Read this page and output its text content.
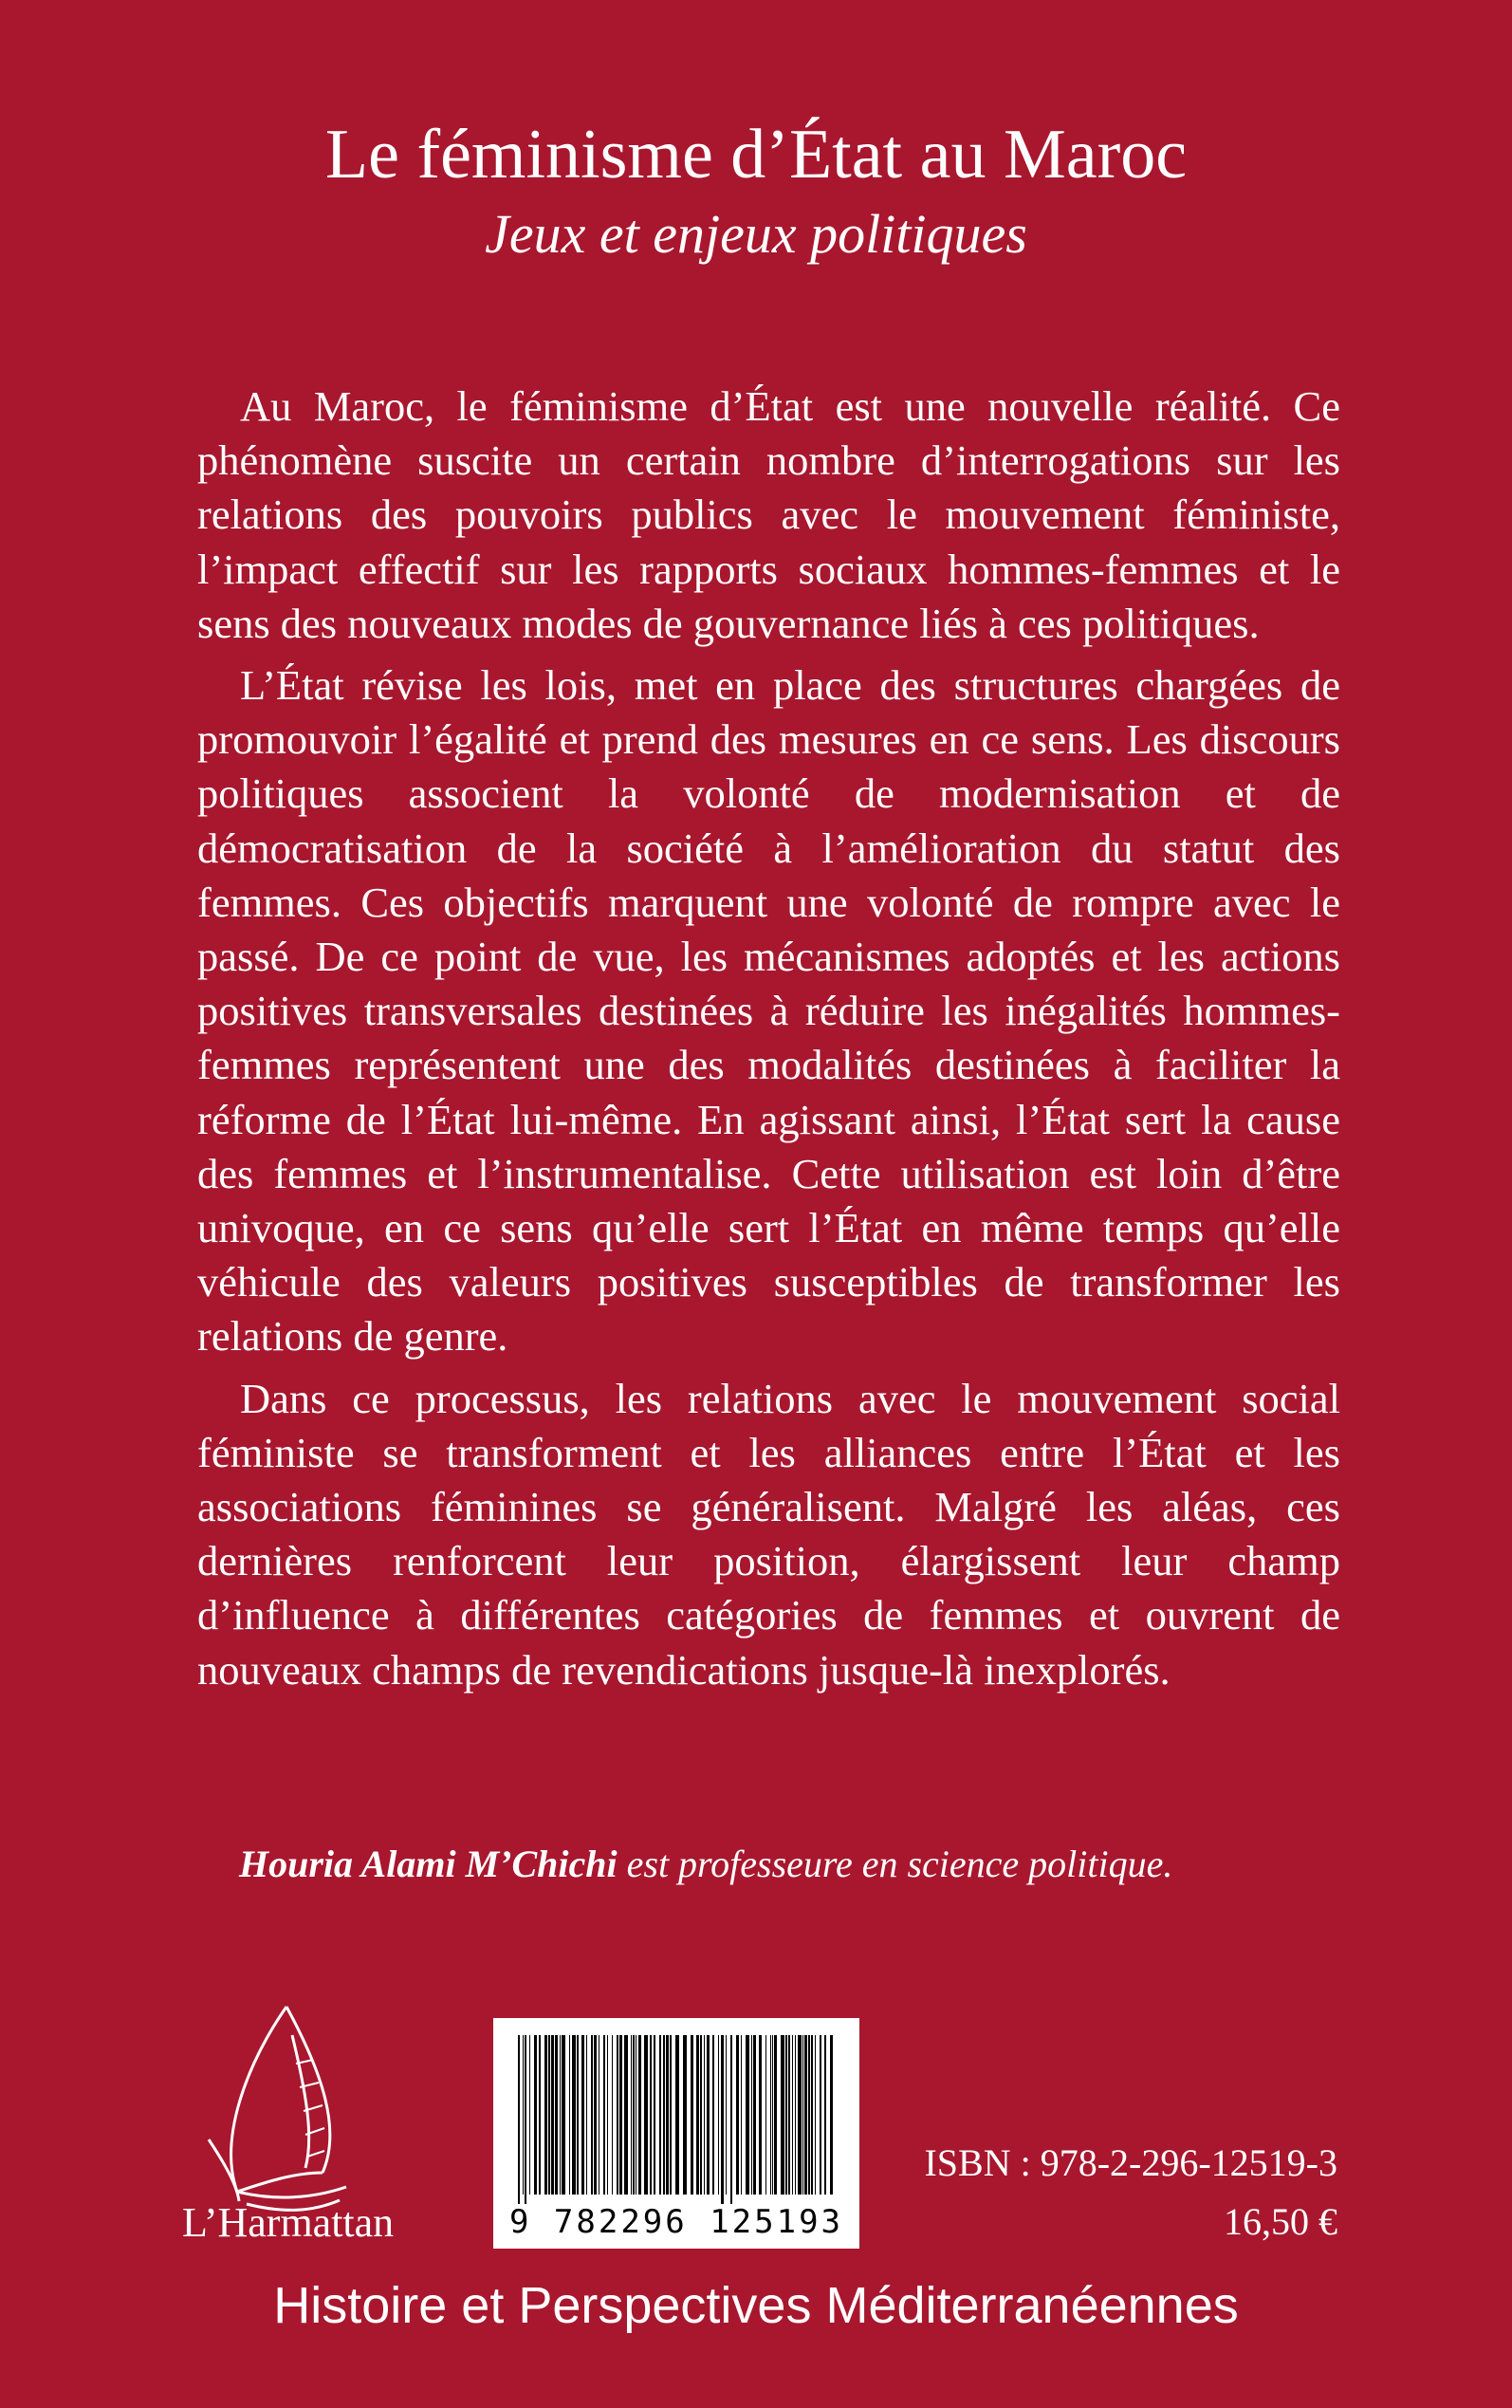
Le féminisme d’État au Maroc
Jeux et enjeux politiques

Au Maroc, le féminisme d’État est une nouvelle réalité. Ce phénomène suscite un certain nombre d’interrogations sur les relations des pouvoirs publics avec le mouvement féministe, l’impact effectif sur les rapports sociaux hommes-femmes et le sens des nouveaux modes de gouvernance liés à ces politiques.

L’État révise les lois, met en place des structures chargées de promouvoir l’égalité et prend des mesures en ce sens. Les discours politiques associent la volonté de modernisation et de démocratisation de la société à l’amélioration du statut des femmes. Ces objectifs marquent une volonté de rompre avec le passé. De ce point de vue, les mécanismes adoptés et les actions positives transversales destinées à réduire les inégalités hommes-femmes représentent une des modalités destinées à faciliter la réforme de l’État lui-même. En agissant ainsi, l’État sert la cause des femmes et l’instrumentalise. Cette utilisation est loin d’être univoque, en ce sens qu’elle sert l’État en même temps qu’elle véhicule des valeurs positives susceptibles de transformer les relations de genre.

Dans ce processus, les relations avec le mouvement social féministe se transforment et les alliances entre l’État et les associations féminines se généralisent. Malgré les aléas, ces dernières renforcent leur position, élargissent leur champ d’influence à différentes catégories de femmes et ouvrent de nouveaux champs de revendications jusque-là inexplorés.

Houria Alami M’Chichi est professeure en science politique.
L’Harmattan	9 782296 125193
ISBN : 978-2-296-12519-3
16,50 €
Histoire et Perspectives Méditerranéennes
